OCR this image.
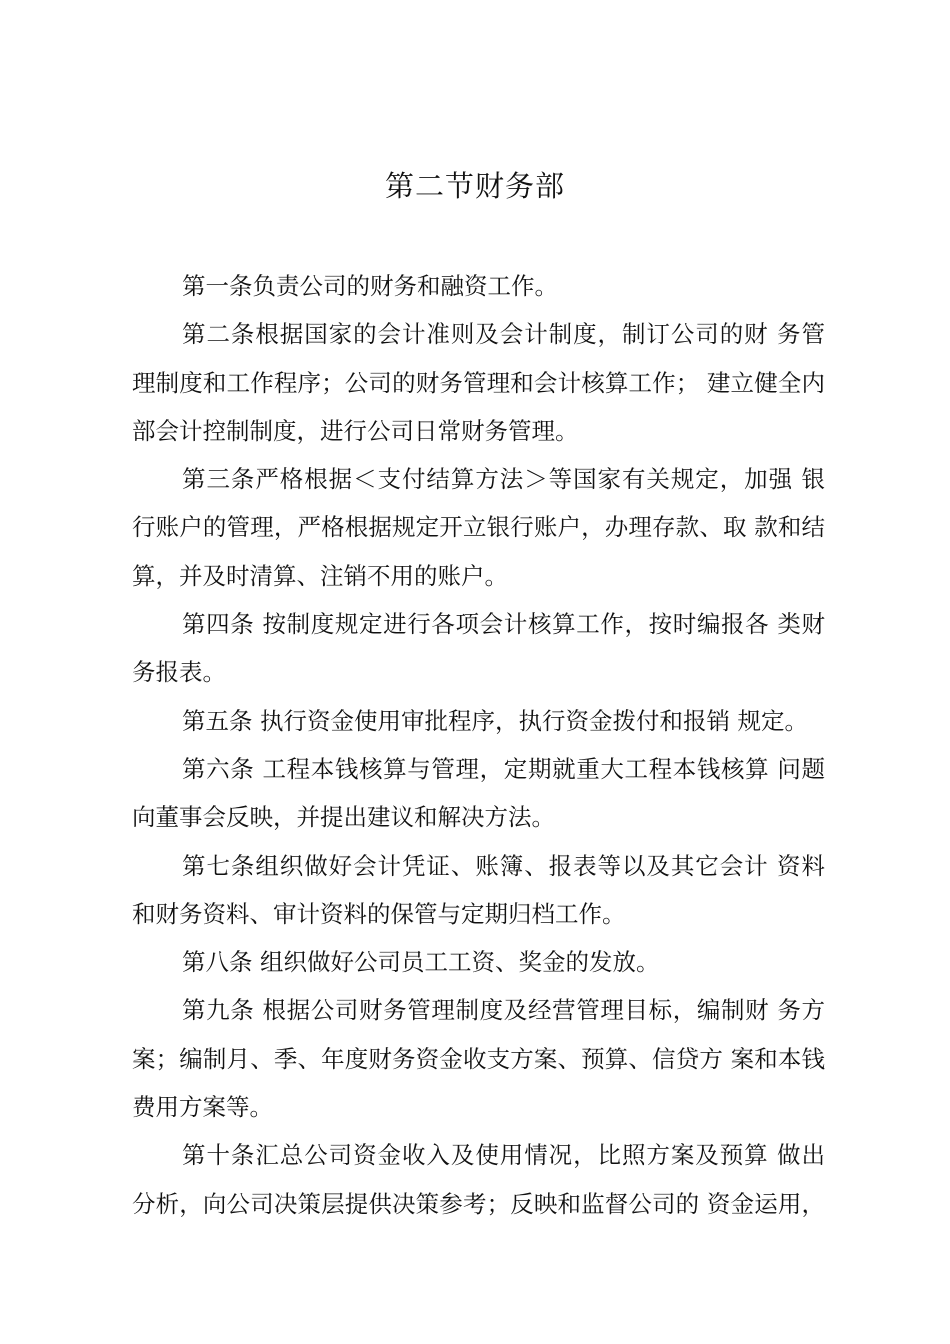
第二节财务部
第一条负责公司的财务和融资工作。
第二条根据国家的会计准则及会计制度，制订公司的财 务管
理制度和工作程序；公司的财务管理和会计核算工作； 建立健全内
部会计控制制度，进行公司日常财务管理。
第三条严格根据＜支付结算方法＞等国家有关规定，加强 银
行账户的管理，严格根据规定开立银行账户，办理存款、取 款和结
算，并及时清算、注销不用的账户。
第四条 按制度规定进行各项会计核算工作，按时编报各 类财
务报表。
第五条 执行资金使用审批程序，执行资金拨付和报销 规定。
第六条 工程本钱核算与管理，定期就重大工程本钱核算 问题
向董事会反映，并提出建议和解决方法。
第七条组织做好会计凭证、账簿、报表等以及其它会计 资料
和财务资料、审计资料的保管与定期归档工作。
第八条 组织做好公司员工工资、奖金的发放。
第九条 根据公司财务管理制度及经营管理目标，编制财 务方
案；编制月、季、年度财务资金收支方案、预算、信贷方 案和本钱
费用方案等。
第十条汇总公司资金收入及使用情况，比照方案及预算 做出
分析，向公司决策层提供决策参考；反映和监督公司的 资金运用，
